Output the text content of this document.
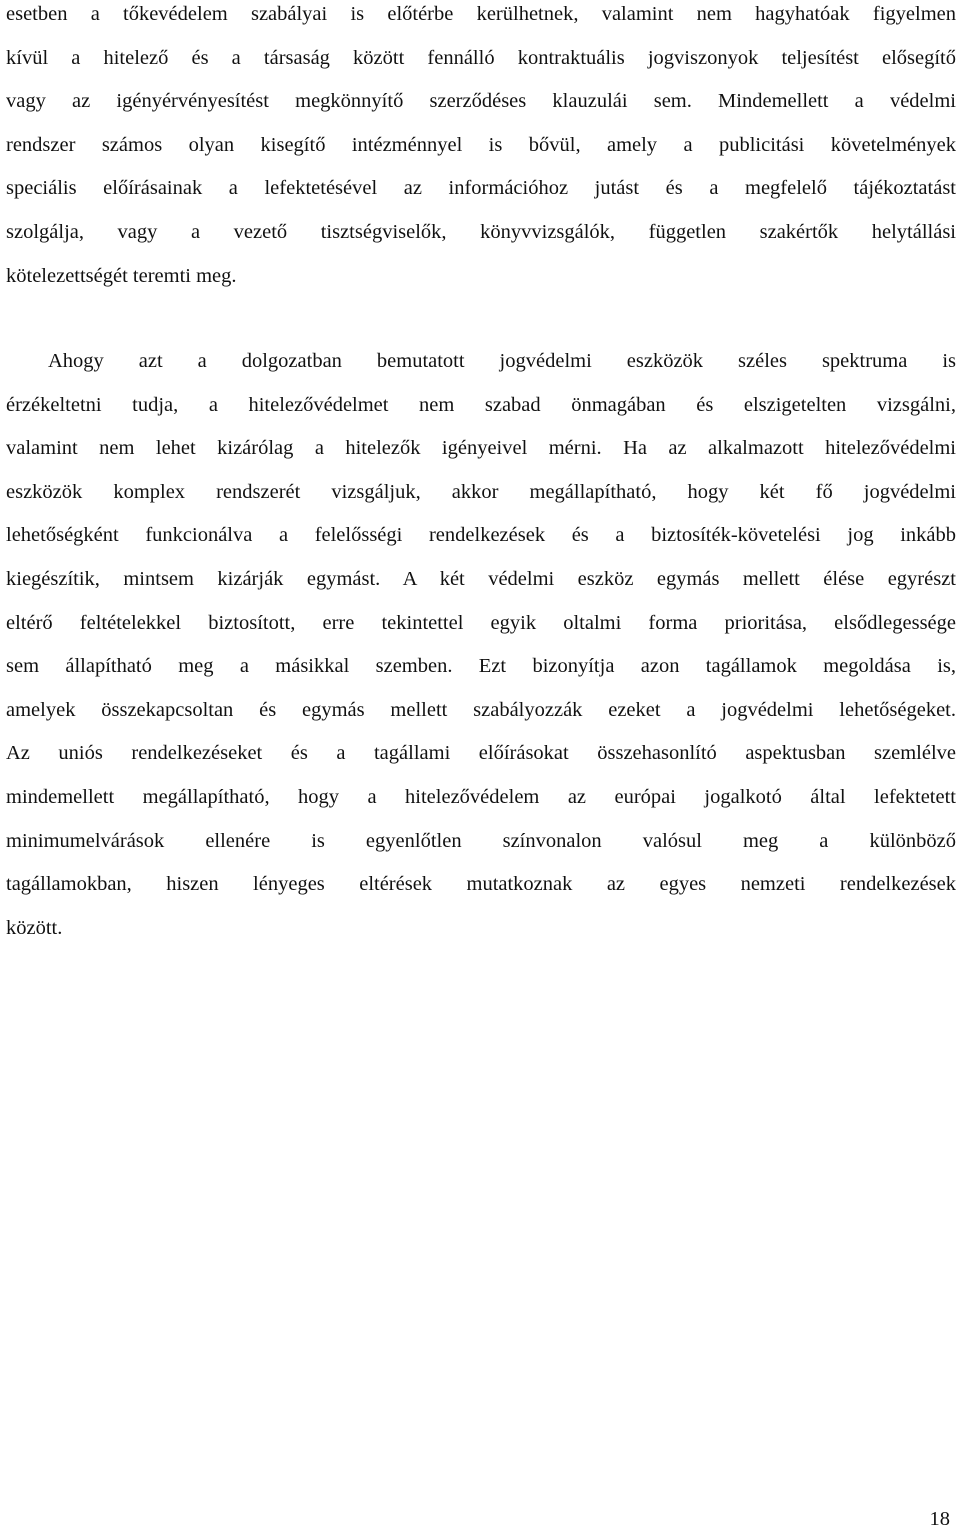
esetben a tőkevédelem szabályai is előtérbe kerülhetnek, valamint nem hagyhatóak figyelmen
kívül a hitelező és a társaság között fennálló kontraktuális jogviszonyok teljesítést elősegítő
vagy az igényérvényesítést megkönnyítő szerződéses klauzulái sem. Mindemellett a védelmi
rendszer számos olyan kisegítő intézménnyel is bővül, amely a publicitási követelmények
speciális előírásainak a lefektetésével az információhoz jutást és a megfelelő tájékoztatást
szolgálja, vagy a vezető tisztségviselők, könyvvizsgálók, független szakértők helytállási
kötelezettségét teremti meg.

Ahogy azt a dolgozatban bemutatott jogvédelmi eszközök széles spektruma is
érzékeltetni tudja, a hitelezővédelmet nem szabad önmagában és elszigetelten vizsgálni,
valamint nem lehet kizárólag a hitelezők igényeivel mérni. Ha az alkalmazott hitelezővédelmi
eszközök komplex rendszerét vizsgáljuk, akkor megállapítható, hogy két fő jogvédelmi
lehetőségként funkcionálva a felelősségi rendelkezések és a biztosíték-követelési jog inkább
kiegészítik, mintsem kizárják egymást. A két védelmi eszköz egymás mellett élése egyrészt
eltérő feltételekkel biztosított, erre tekintettel egyik oltalmi forma prioritása, elsődlegessége
sem állapítható meg a másikkal szemben. Ezt bizonyítja azon tagállamok megoldása is,
amelyek összekapcsoltan és egymás mellett szabályozzák ezeket a jogvédelmi lehetőségeket.
Az uniós rendelkezéseket és a tagállami előírásokat összehasonlító aspektusban szemlélve
mindemellett megállapítható, hogy a hitelezővédelem az európai jogalkotó által lefektetett
minimumelvárások ellenére is egyenlőtlen színvonalon valósul meg a különböző
tagállamokban, hiszen lényeges eltérések mutatkoznak az egyes nemzeti rendelkezések
között.

18
